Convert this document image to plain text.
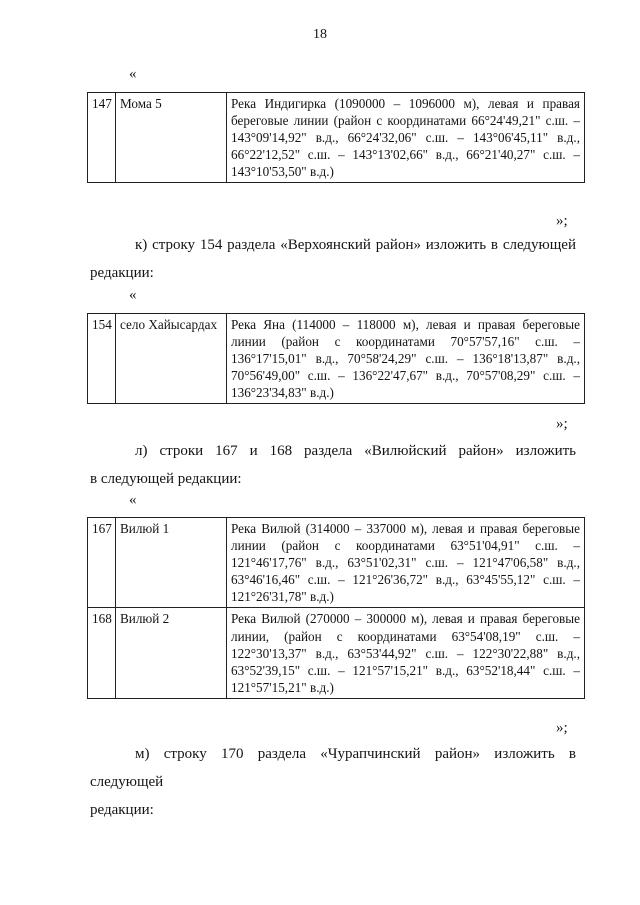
18
«
147	Мома 5	Река Индигирка (1090000 – 1096000 м), левая и правая береговые линии (район с координатами 66°24'49,21" с.ш. – 143°09'14,92" в.д., 66°24'32,06" с.ш. – 143°06'45,11" в.д., 66°22'12,52" с.ш. – 143°13'02,66" в.д., 66°21'40,27" с.ш. – 143°10'53,50" в.д.)
»;
к) строку 154 раздела «Верхоянский район» изложить в следующей
редакции:
«
154	село Хайысардах	Река Яна (114000 – 118000 м), левая и правая береговые линии (район с координатами 70°57'57,16" с.ш. – 136°17'15,01" в.д., 70°58'24,29" с.ш. – 136°18'13,87" в.д., 70°56'49,00" с.ш. – 136°22'47,67" в.д., 70°57'08,29" с.ш. – 136°23'34,83" в.д.)
»;
л) строки 167 и 168 раздела «Вилюйский район» изложить
в следующей редакции:
«
167	Вилюй 1	Река Вилюй (314000 – 337000 м), левая и правая береговые линии (район с координатами 63°51'04,91" с.ш. – 121°46'17,76" в.д., 63°51'02,31" с.ш. – 121°47'06,58" в.д., 63°46'16,46" с.ш. – 121°26'36,72" в.д., 63°45'55,12" с.ш. – 121°26'31,78" в.д.)
168	Вилюй 2	Река Вилюй (270000 – 300000 м), левая и правая береговые линии, (район с координатами 63°54'08,19" с.ш. – 122°30'13,37" в.д., 63°53'44,92" с.ш. – 122°30'22,88" в.д., 63°52'39,15" с.ш. – 121°57'15,21" в.д., 63°52'18,44" с.ш. – 121°57'15,21" в.д.)
»;
м) строку 170 раздела «Чурапчинский район» изложить в следующей
редакции:
